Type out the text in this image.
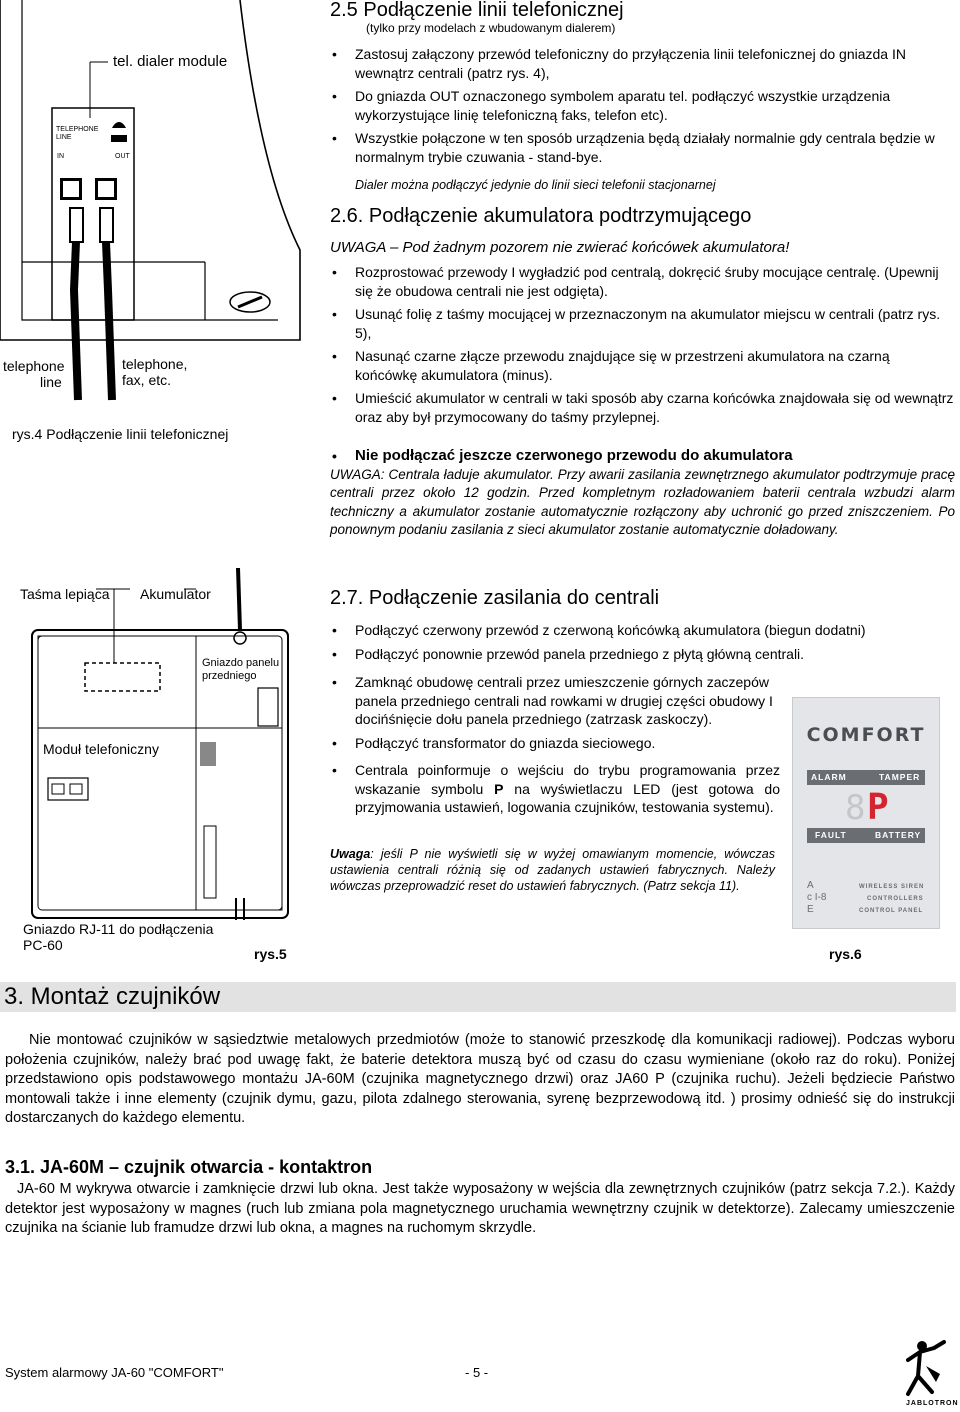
tel. dialer module
TELEPHONE LINE
IN	OUT
telephone
line
telephone,
fax, etc.
rys.4 Podłączenie linii telefonicznej
Taśma lepiąca Akumulator
Gniazdo panelu
przedniego
Moduł telefoniczny
Gniazdo RJ-11 do podłączenia
PC-60
rys.5
2.5 Podłączenie linii telefonicznej
(tylko przy modelach z wbudowanym dialerem)
• Zastosuj załączony przewód telefoniczny do przyłączenia linii telefonicznej do gniazda IN wewnątrz centrali (patrz rys. 4),
• Do gniazda OUT oznaczonego symbolem aparatu tel. podłączyć wszystkie urządzenia wykorzystujące linię telefoniczną faks, telefon etc).
• Wszystkie połączone w ten sposób urządzenia będą działały normalnie gdy centrala będzie w normalnym trybie czuwania - stand-bye.
Dialer można podłączyć jedynie do linii sieci telefonii stacjonarnej
2.6. Podłączenie akumulatora podtrzymującego
UWAGA – Pod żadnym pozorem nie zwierać końcówek akumulatora!
• Rozprostować przewody I wygładzić pod centralą, dokręcić śruby mocujące centralę. (Upewnij się że obudowa centrali nie jest odgięta).
• Usunąć folię z taśmy mocującej w przeznaczonym na akumulator miejscu w centrali (patrz rys. 5),
• Nasunąć czarne złącze przewodu znajdujące się w przestrzeni akumulatora na czarną końcówkę akumulatora (minus).
• Umieścić akumulator w centrali w taki sposób aby czarna końcówka znajdowała się od wewnątrz oraz aby był przymocowany do taśmy przylepnej.
• Nie podłączać jeszcze czerwonego przewodu do akumulatora
UWAGA: Centrala ładuje akumulator. Przy awarii zasilania zewnętrznego akumulator podtrzymuje pracę centrali przez około 12 godzin. Przed kompletnym rozładowaniem baterii centrala wzbudzi alarm techniczny a akumulator zostanie automatycznie rozłączony aby uchronić go przed zniszczeniem. Po ponownym podaniu zasilania z sieci akumulator zostanie automatycznie doładowany.
2.7. Podłączenie zasilania do centrali
• Podłączyć czerwony przewód z czerwoną końcówką akumulatora (biegun dodatni)
• Podłączyć ponownie przewód panela przedniego z płytą główną centrali.
• Zamknąć obudowę centrali przez umieszczenie górnych zaczepów panela przedniego centrali nad rowkami w drugiej części obudowy I docińśnięcie dołu panela przedniego (zatrzask zaskoczy).
• Podłączyć transformator do gniazda sieciowego.
• Centrala poinformuje o wejściu do trybu programowania przez wskazanie symbolu P na wyświetlaczu LED (jest gotowa do przyjmowania ustawień, logowania czujników, testowania systemu).
Uwaga: jeśli P nie wyświetli się w wyżej omawianym momencie, wówczas ustawienia centrali różnią się od zadanych ustawień fabrycznych. Należy wówczas przeprowadzić reset do ustawień fabrycznych. (Patrz sekcja 11).
COMFORT
ALARM	TAMPER
8 P
FAULT	BATTERY
A
c I-8
E
WIRELESS SIREN
CONTROLLERS
CONTROL PANEL
rys.6
3. Montaż czujników
Nie montować czujników w sąsiedztwie metalowych przedmiotów (może to stanowić przeszkodę dla komunikacji radiowej). Podczas wyboru położenia czujników, należy brać pod uwagę fakt, że baterie detektora muszą być od czasu do czasu wymieniane (około raz do roku). Poniżej przedstawiono opis podstawowego montażu JA-60M (czujnika magnetycznego drzwi) oraz JA60 P (czujnika ruchu). Jeżeli będziecie Państwo montowali także i inne elementy (czujnik dymu, gazu, pilota zdalnego sterowania, syrenę bezprzewodową itd. ) prosimy odnieść się do instrukcji dostarczanych do każdego elementu.
3.1. JA-60M – czujnik otwarcia - kontaktron
JA-60 M wykrywa otwarcie i zamknięcie drzwi lub okna. Jest także wyposażony w wejścia dla zewnętrznych czujników (patrz sekcja 7.2.). Każdy detektor jest wyposażony w magnes (ruch lub zmiana pola magnetycznego uruchamia wewnętrzny czujnik w detektorze). Zalecamy umieszczenie czujnika na ścianie lub framudze drzwi lub okna, a magnes na ruchomym skrzydle.
System alarmowy JA-60 "COMFORT"	- 5 -
JABLOTRON
